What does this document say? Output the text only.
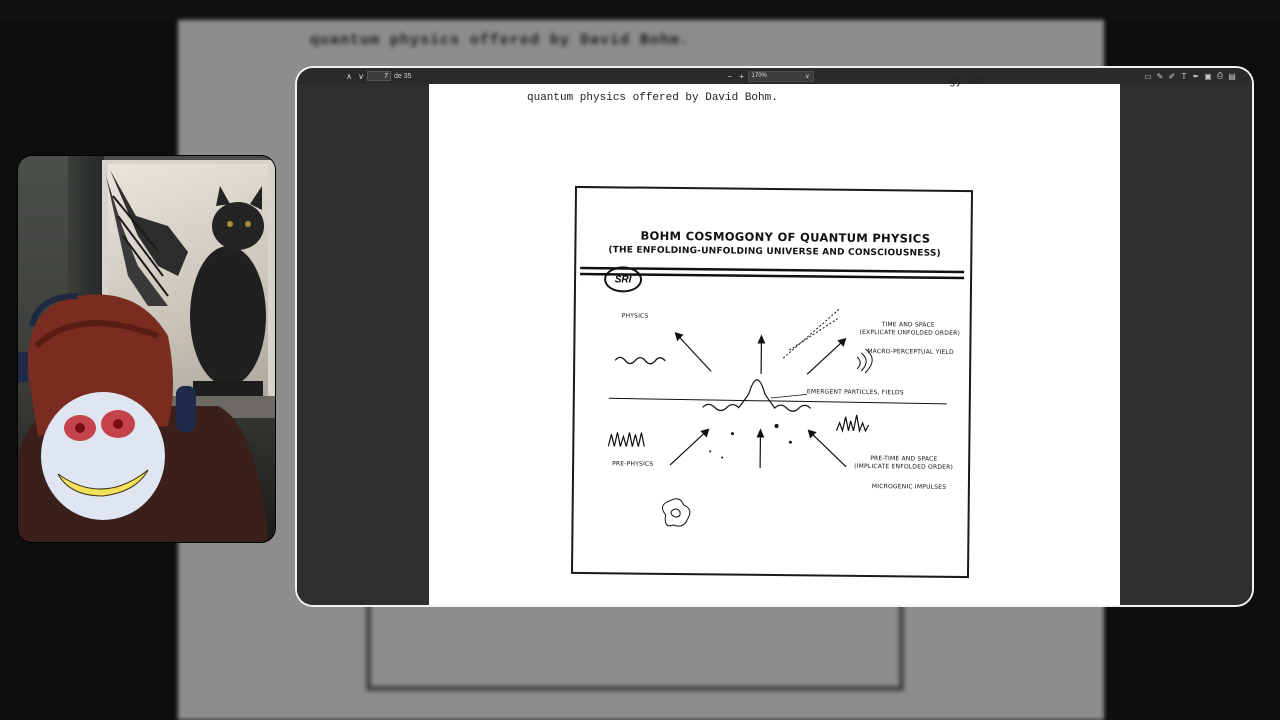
quantum physics offered by David Bohm.
∧ ∨
7	de 35	− +	170%	∨	▭ ✎ ✐ T ✒ ▣ ⎙ ▤
gy of
quantum physics offered by David Bohm.
BOHM COSMOGONY OF QUANTUM PHYSICS
(THE ENFOLDING-UNFOLDING UNIVERSE AND CONSCIOUSNESS)
SRI
PHYSICS
TIME AND SPACE
(EXPLICATE UNFOLDED ORDER)
MACRO-PERCEPTUAL YIELD
EMERGENT PARTICLES, FIELDS
PRE-PHYSICS
PRE-TIME AND SPACE
(IMPLICATE ENFOLDED ORDER)
MICROGENIC IMPULSES
